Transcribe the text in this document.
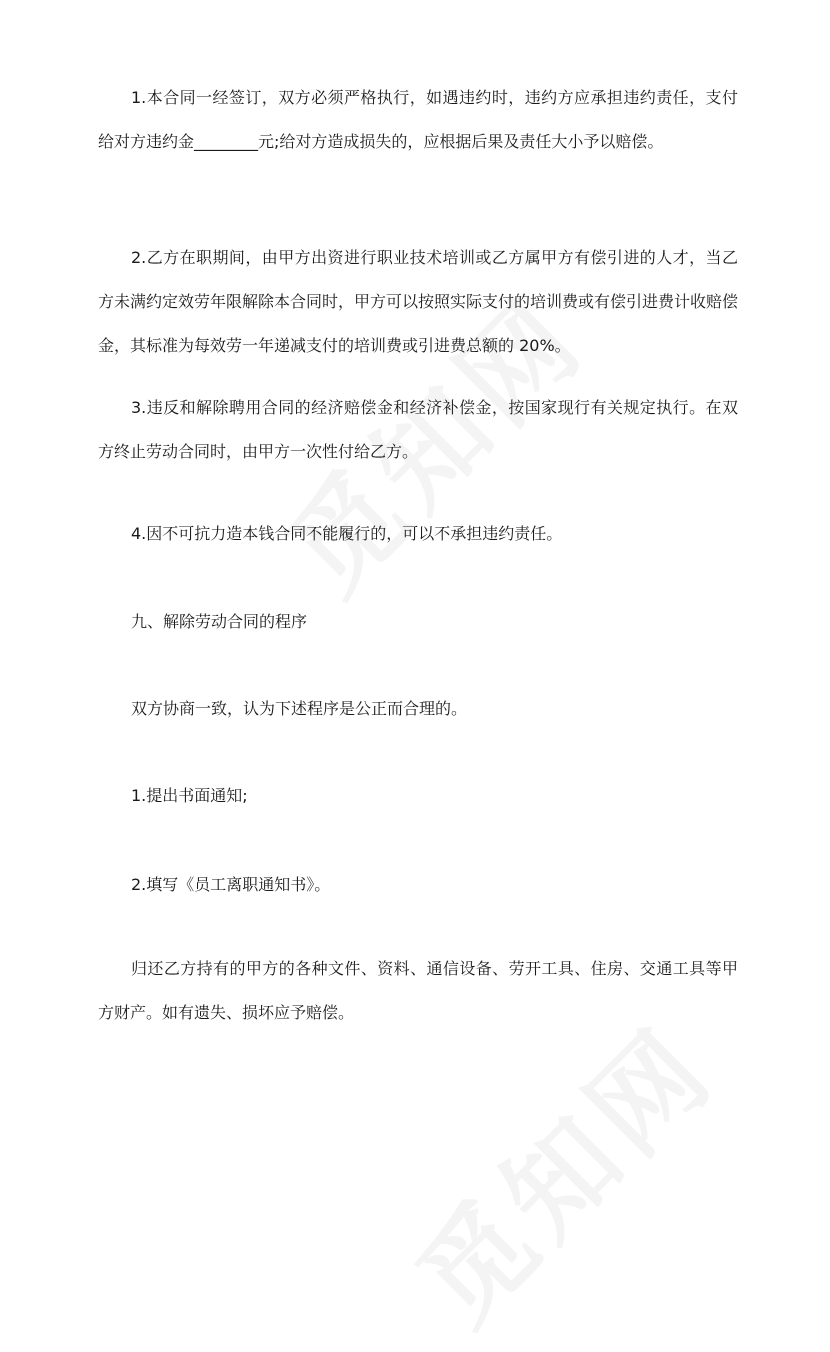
1.本合同一经签订，双方必须严格执行，如遇违约时，违约方应承担违约责任，支付给对方违约金________元;给对方造成损失的，应根据后果及责任大小予以赔偿。

2.乙方在职期间，由甲方出资进行职业技术培训或乙方属甲方有偿引进的人才，当乙方未满约定效劳年限解除本合同时，甲方可以按照实际支付的培训费或有偿引进费计收赔偿金，其标准为每效劳一年递减支付的培训费或引进费总额的 20%。

3.违反和解除聘用合同的经济赔偿金和经济补偿金，按国家现行有关规定执行。在双方终止劳动合同时，由甲方一次性付给乙方。

4.因不可抗力造本钱合同不能履行的，可以不承担违约责任。

九、解除劳动合同的程序

双方协商一致，认为下述程序是公正而合理的。

1.提出书面通知;

2.填写《员工离职通知书》。

归还乙方持有的甲方的各种文件、资料、通信设备、劳开工具、住房、交通工具等甲方财产。如有遗失、损坏应予赔偿。
